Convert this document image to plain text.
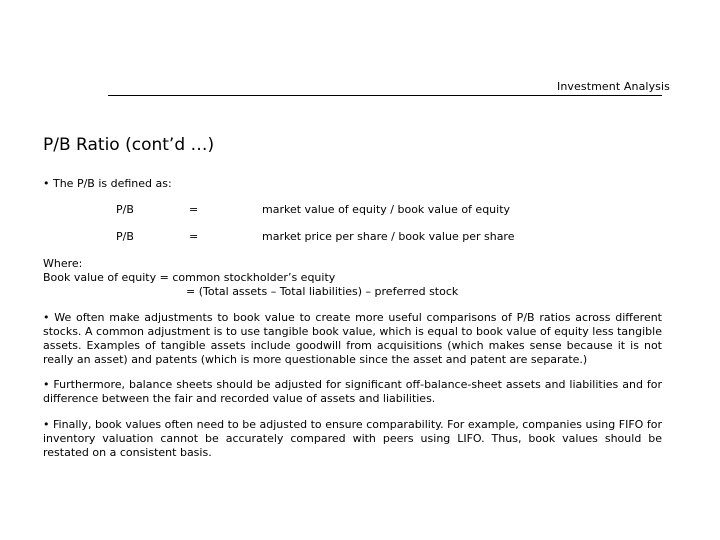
Investment Analysis
P/B Ratio (cont’d …)
• The P/B is defined as:
P/B	=	market value of equity / book value of equity
P/B	=	market price per share / book value per share
Where:
Book value of equity = common stockholder’s equity
= (Total assets – Total liabilities) – preferred stock
• We often make adjustments to book value to create more useful comparisons of P/B ratios across different stocks. A common adjustment is to use tangible book value, which is equal to book value of equity less tangible assets. Examples of tangible assets include goodwill from acquisitions (which makes sense because it is not really an asset) and patents (which is more questionable since the asset and patent are separate.)
• Furthermore, balance sheets should be adjusted for significant off-balance-sheet assets and liabilities and for difference between the fair and recorded value of assets and liabilities.
• Finally, book values often need to be adjusted to ensure comparability. For example, companies using FIFO for inventory valuation cannot be accurately compared with peers using LIFO. Thus, book values should be restated on a consistent basis.
